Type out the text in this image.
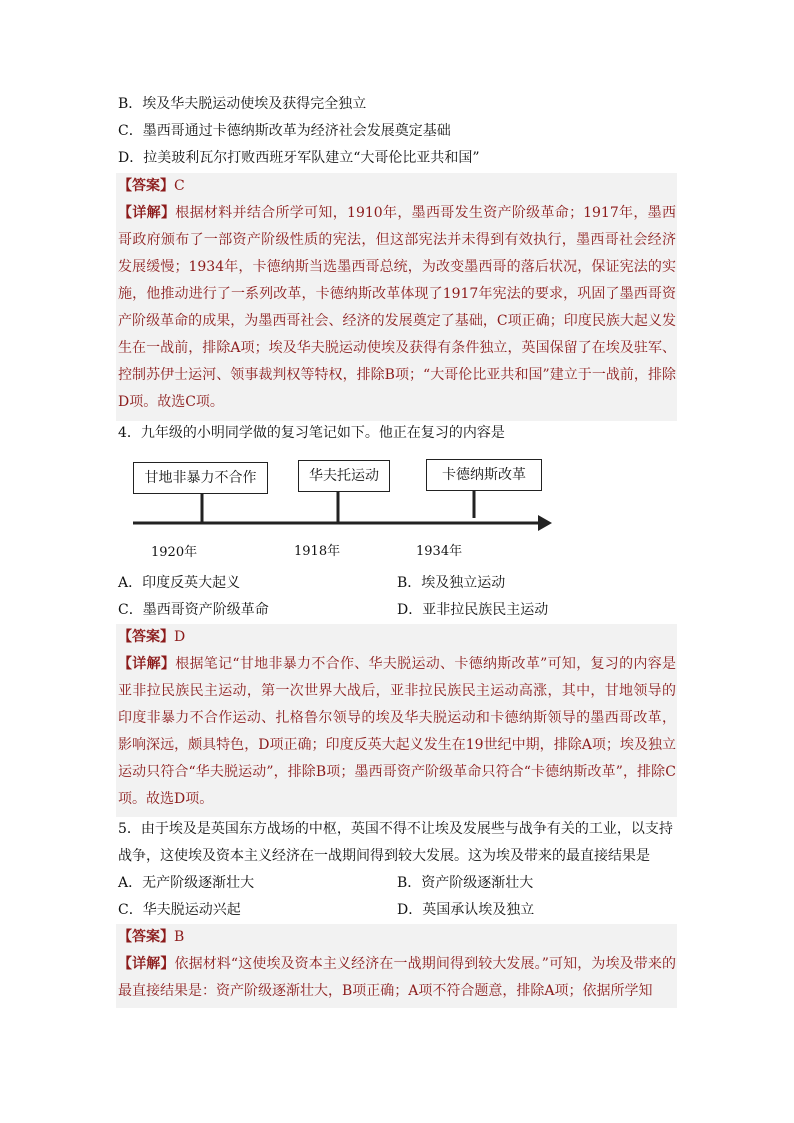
B．埃及华夫脱运动使埃及获得完全独立
C．墨西哥通过卡德纳斯改革为经济社会发展奠定基础
D．拉美玻利瓦尔打败西班牙军队建立“大哥伦比亚共和国”
【答案】C
【详解】根据材料并结合所学可知，1910年，墨西哥发生资产阶级革命；1917年，墨西哥政府颁布了一部资产阶级性质的宪法，但这部宪法并未得到有效执行，墨西哥社会经济发展缓慢；1934年，卡德纳斯当选墨西哥总统，为改变墨西哥的落后状况，保证宪法的实施，他推动进行了一系列改革，卡德纳斯改革体现了1917年宪法的要求，巩固了墨西哥资产阶级革命的成果，为墨西哥社会、经济的发展奠定了基础，C项正确；印度民族大起义发生在一战前，排除A项；埃及华夫脱运动使埃及获得有条件独立，英国保留了在埃及驻军、控制苏伊士运河、领事裁判权等特权，排除B项；“大哥伦比亚共和国”建立于一战前，排除D项。故选C项。
4．九年级的小明同学做的复习笔记如下。他正在复习的内容是
甘地非暴力不合作	华夫托运动	卡德纳斯改革
1920年	1918年	1934年
A．印度反英大起义	B．埃及独立运动
C．墨西哥资产阶级革命	D．亚非拉民族民主运动
【答案】D
【详解】根据笔记“甘地非暴力不合作、华夫脱运动、卡德纳斯改革”可知，复习的内容是亚非拉民族民主运动，第一次世界大战后，亚非拉民族民主运动高涨，其中，甘地领导的印度非暴力不合作运动、扎格鲁尔领导的埃及华夫脱运动和卡德纳斯领导的墨西哥改革，影响深远，颇具特色，D项正确；印度反英大起义发生在19世纪中期，排除A项；埃及独立运动只符合“华夫脱运动”，排除B项；墨西哥资产阶级革命只符合“卡德纳斯改革”，排除C项。故选D项。
5．由于埃及是英国东方战场的中枢，英国不得不让埃及发展些与战争有关的工业，以支持
战争，这使埃及资本主义经济在一战期间得到较大发展。这为埃及带来的最直接结果是
A．无产阶级逐渐壮大	B．资产阶级逐渐壮大
C．华夫脱运动兴起	D．英国承认埃及独立
【答案】B
【详解】依据材料“这使埃及资本主义经济在一战期间得到较大发展。”可知，为埃及带来的最直接结果是：资产阶级逐渐壮大，B项正确；A项不符合题意，排除A项；依据所学知
